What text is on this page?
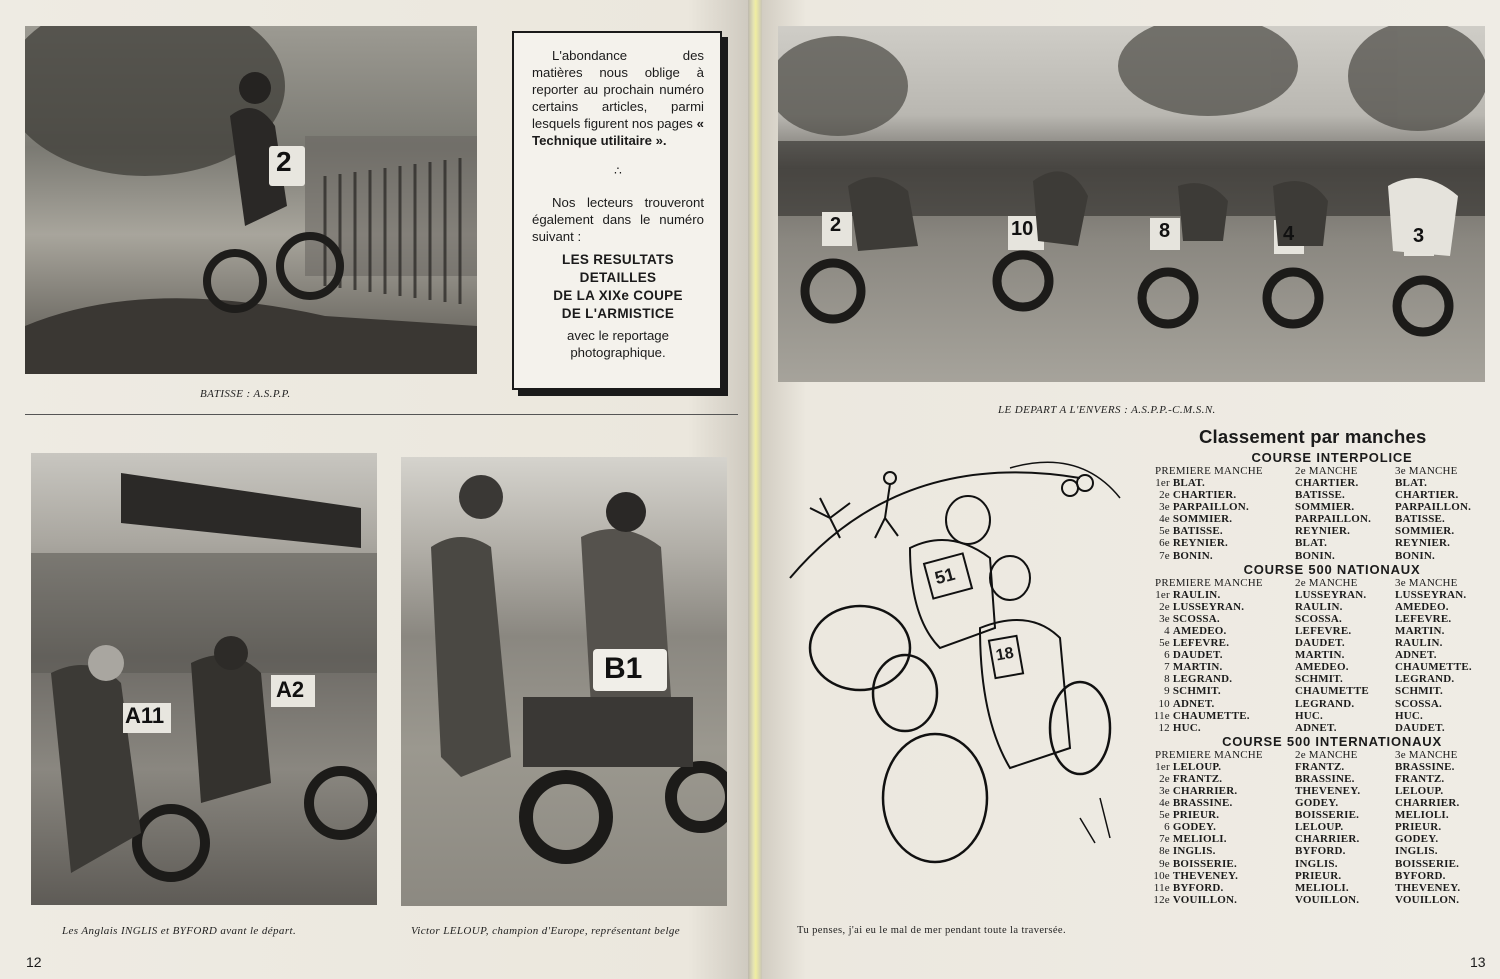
2
BATISSE : A.S.P.P.

L'abondance des matières nous oblige à reporter au prochain numéro certains articles, parmi lesquels figurent nos pages « Technique utilitaire ».

∴

Nos lecteurs trouveront également dans le numéro suivant :

LES RESULTATS
DETAILLES
DE LA XIXe COUPE
DE L'ARMISTICE

avec le reportage photographique.

A11
A2
Les Anglais INGLIS et BYFORD avant le départ.
B1
Victor LELOUP, champion d'Europe, représentant belge
12
2	10	8	4	3
LE DEPART A L'ENVERS : A.S.P.P.-C.M.S.N.
13
51
18
Tu penses, j'ai eu le mal de mer pendant toute la traversée.
Classement par manches
COURSE INTERPOLICE
PREMIERE MANCHE		2e MANCHE	3e MANCHE
1er	BLAT.	CHARTIER.	BLAT.
2e	CHARTIER.	BATISSE.	CHARTIER.
3e	PARPAILLON.	SOMMIER.	PARPAILLON.
4e	SOMMIER.	PARPAILLON.	BATISSE.
5e	BATISSE.	REYNIER.	SOMMIER.
6e	REYNIER.	BLAT.	REYNIER.
7e	BONIN.	BONIN.	BONIN.
COURSE 500 NATIONAUX
PREMIERE MANCHE		2e MANCHE	3e MANCHE
1er	RAULIN.	LUSSEYRAN.	LUSSEYRAN.
2e	LUSSEYRAN.	RAULIN.	AMEDEO.
3e	SCOSSA.	SCOSSA.	LEFEVRE.
4	AMEDEO.	LEFEVRE.	MARTIN.
5e	LEFEVRE.	DAUDET.	RAULIN.
6	DAUDET.	MARTIN.	ADNET.
7	MARTIN.	AMEDEO.	CHAUMETTE.
8	LEGRAND.	SCHMIT.	LEGRAND.
9	SCHMIT.	CHAUMETTE	SCHMIT.
10	ADNET.	LEGRAND.	SCOSSA.
11e	CHAUMETTE.	HUC.	HUC.
12	HUC.	ADNET.	DAUDET.
COURSE 500 INTERNATIONAUX
PREMIERE MANCHE		2e MANCHE	3e MANCHE
1er	LELOUP.	FRANTZ.	BRASSINE.
2e	FRANTZ.	BRASSINE.	FRANTZ.
3e	CHARRIER.	THEVENEY.	LELOUP.
4e	BRASSINE.	GODEY.	CHARRIER.
5e	PRIEUR.	BOISSERIE.	MELIOLI.
6	GODEY.	LELOUP.	PRIEUR.
7e	MELIOLI.	CHARRIER.	GODEY.
8e	INGLIS.	BYFORD.	INGLIS.
9e	BOISSERIE.	INGLIS.	BOISSERIE.
10e	THEVENEY.	PRIEUR.	BYFORD.
11e	BYFORD.	MELIOLI.	THEVENEY.
12e	VOUILLON.	VOUILLON.	VOUILLON.
